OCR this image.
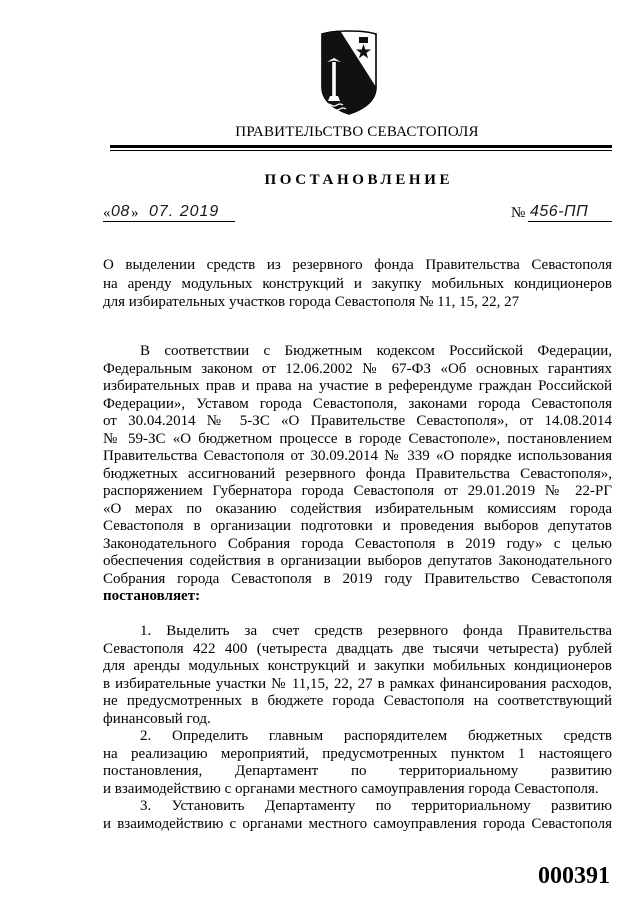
ПРАВИТЕЛЬСТВО СЕВАСТОПОЛЯ
ПОСТАНОВЛЕНИЕ
« 08 » 07. 2019	№ 456-ПП
О выделении средств из резервного фонда Правительства Севастополя
на аренду модульных конструкций и закупку мобильных кондиционеров
для избирательных участков города Севастополя № 11, 15, 22, 27
В соответствии с Бюджетным кодексом Российской Федерации,
Федеральным законом от 12.06.2002 № 67-ФЗ «Об основных гарантиях
избирательных прав и права на участие в референдуме граждан Российской
Федерации», Уставом города Севастополя, законами города Севастополя
от 30.04.2014 № 5-ЗС «О Правительстве Севастополя», от 14.08.2014
№ 59-ЗС «О бюджетном процессе в городе Севастополе», постановлением
Правительства Севастополя от 30.09.2014 № 339 «О порядке использования
бюджетных ассигнований резервного фонда Правительства Севастополя»,
распоряжением Губернатора города Севастополя от 29.01.2019 № 22-РГ
«О мерах по оказанию содействия избирательным комиссиям города
Севастополя в организации подготовки и проведения выборов депутатов
Законодательного Собрания города Севастополя в 2019 году» с целью
обеспечения содействия в организации выборов депутатов Законодательного
Собрания города Севастополя в 2019 году Правительство Севастополя
постановляет:
1. Выделить за счет средств резервного фонда Правительства
Севастополя 422 400 (четыреста двадцать две тысячи четыреста) рублей
для аренды модульных конструкций и закупки мобильных кондиционеров
в избирательные участки № 11,15, 22, 27 в рамках финансирования расходов,
не предусмотренных в бюджете города Севастополя на соответствующий
финансовый год.
2. Определить главным распорядителем бюджетных средств
на реализацию мероприятий, предусмотренных пунктом 1 настоящего
постановления, Департамент по территориальному развитию
и взаимодействию с органами местного самоуправления города Севастополя.
3. Установить Департаменту по территориальному развитию
и взаимодействию с органами местного самоуправления города Севастополя
000391
